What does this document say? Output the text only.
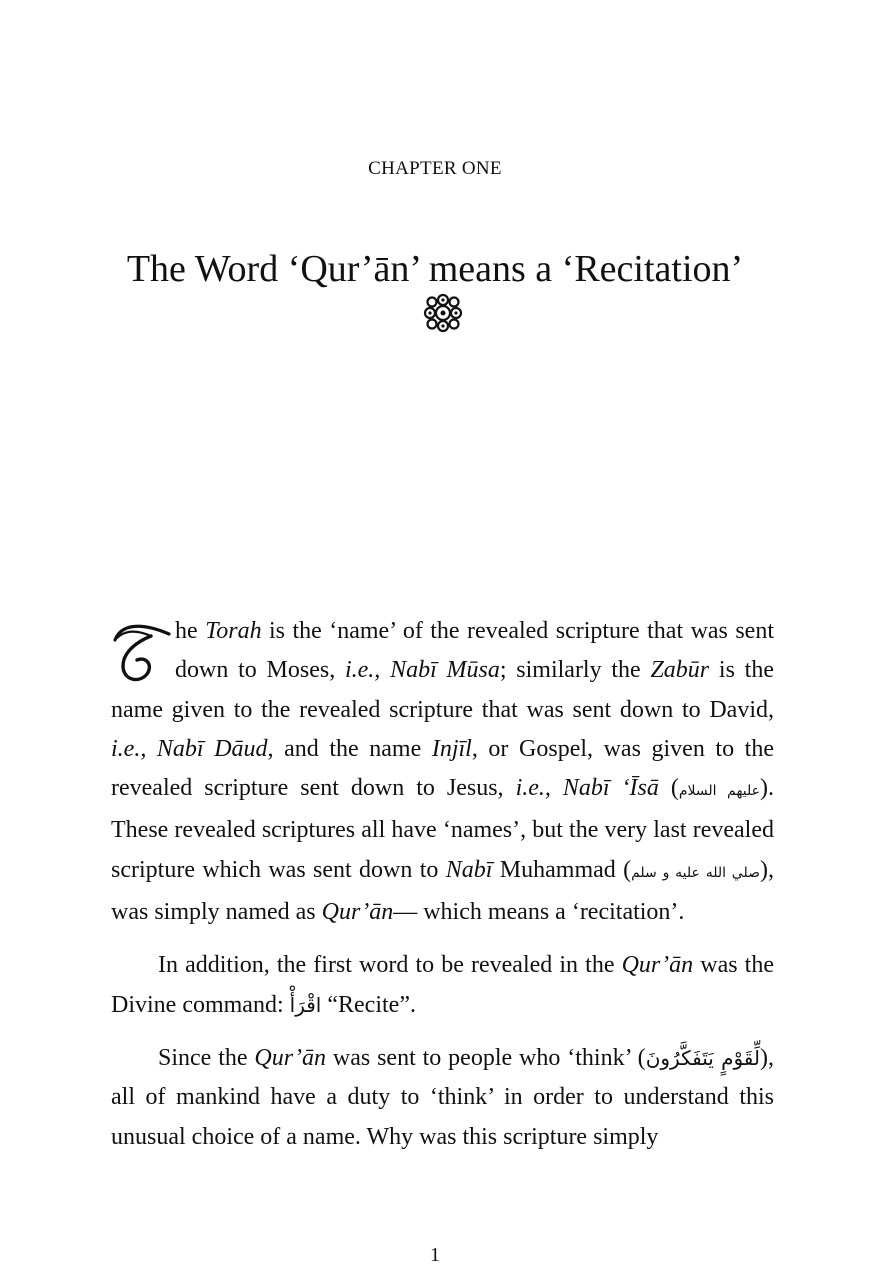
CHAPTER ONE
The Word ‘Qur’ān’ means a ‘Recitation’

T	he Torah is the ‘name’ of the revealed scripture that was sent down to Moses, i.e., Nabī Mūsa; similarly the Zabūr is the name given to the revealed scripture that was sent down to David, i.e., Nabī Dāud, and the name Injīl, or Gospel, was given to the revealed scripture sent down to Jesus, i.e., Nabī ‘Īsā (عليهم السلام). These revealed scriptures all have ‘names’, but the very last revealed scripture which was sent down to Nabī Muhammad (صلي الله عليه و سلم), was simply named as Qur’ān— which means a ‘recitation’.

In addition, the first word to be revealed in the Qur’ān was the Divine command: اقْرَأْ “Recite”.

Since the Qur’ān was sent to people who ‘think’ (لِّقَوْمٍ يَتَفَكَّرُونَ), all of mankind have a duty to ‘think’ in order to understand this unusual choice of a name. Why was this scripture simply

1
